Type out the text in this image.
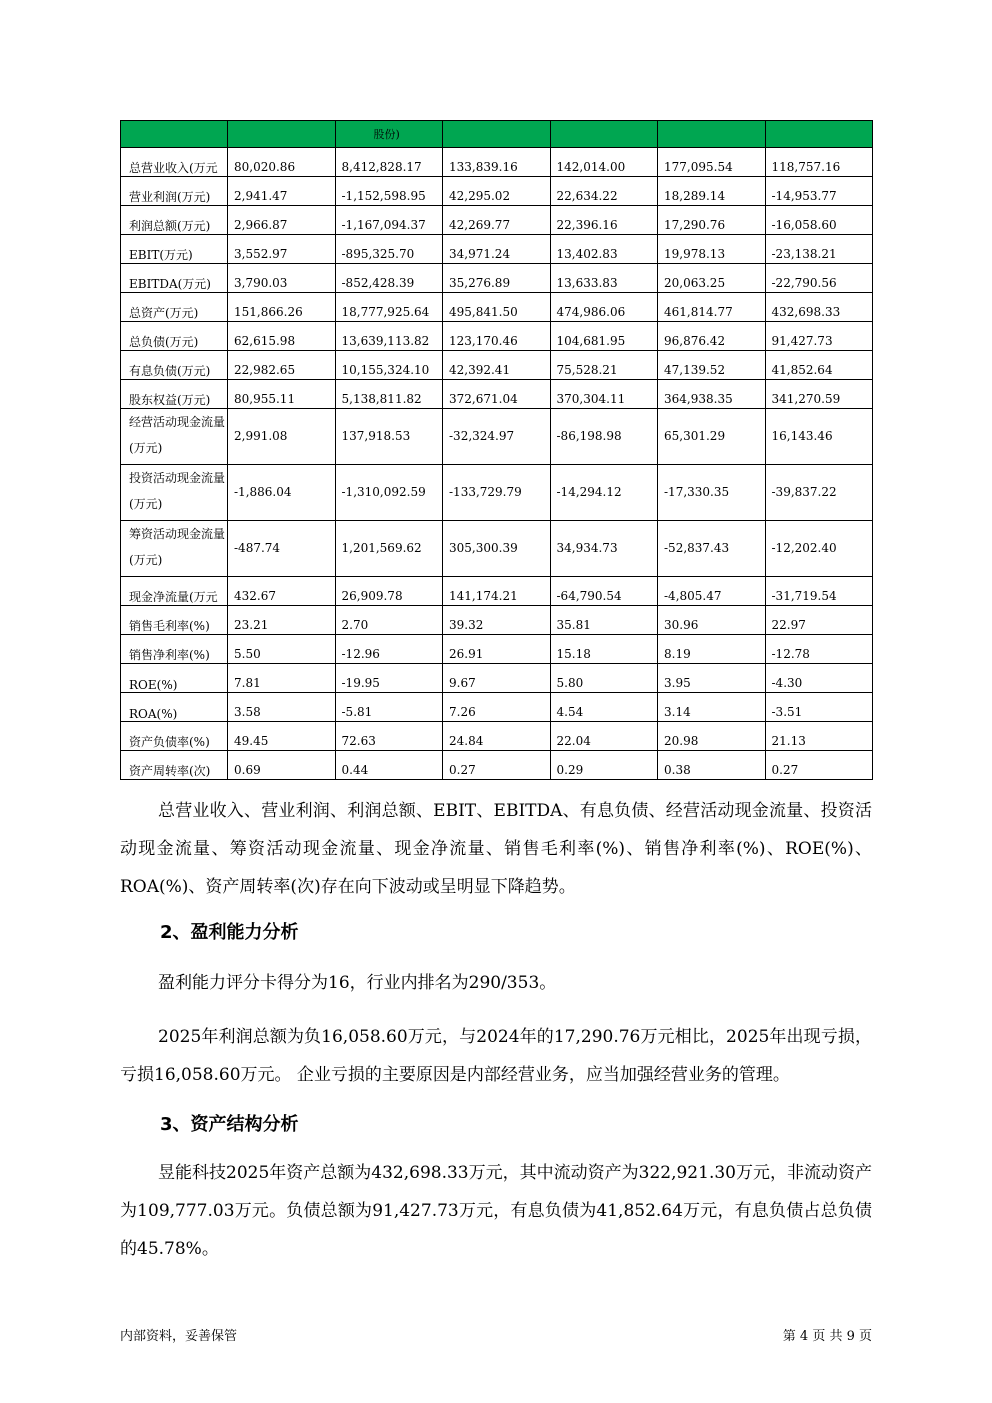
		股份)				
总营业收入(万元	80,020.86	8,412,828.17	133,839.16	142,014.00	177,095.54	118,757.16
营业利润(万元)	2,941.47	-1,152,598.95	42,295.02	22,634.22	18,289.14	-14,953.77
利润总额(万元)	2,966.87	-1,167,094.37	42,269.77	22,396.16	17,290.76	-16,058.60
EBIT(万元)	3,552.97	-895,325.70	34,971.24	13,402.83	19,978.13	-23,138.21
EBITDA(万元)	3,790.03	-852,428.39	35,276.89	13,633.83	20,063.25	-22,790.56
总资产(万元)	151,866.26	18,777,925.64	495,841.50	474,986.06	461,814.77	432,698.33
总负债(万元)	62,615.98	13,639,113.82	123,170.46	104,681.95	96,876.42	91,427.73
有息负债(万元)	22,982.65	10,155,324.10	42,392.41	75,528.21	47,139.52	41,852.64
股东权益(万元)	80,955.11	5,138,811.82	372,671.04	370,304.11	364,938.35	341,270.59
经营活动现金流量(万元)	2,991.08	137,918.53	-32,324.97	-86,198.98	65,301.29	16,143.46
投资活动现金流量(万元)	-1,886.04	-1,310,092.59	-133,729.79	-14,294.12	-17,330.35	-39,837.22
筹资活动现金流量(万元)	-487.74	1,201,569.62	305,300.39	34,934.73	-52,837.43	-12,202.40
现金净流量(万元	432.67	26,909.78	141,174.21	-64,790.54	-4,805.47	-31,719.54
销售毛利率(%)	23.21	2.70	39.32	35.81	30.96	22.97
销售净利率(%)	5.50	-12.96	26.91	15.18	8.19	-12.78
ROE(%)	7.81	-19.95	9.67	5.80	3.95	-4.30
ROA(%)	3.58	-5.81	7.26	4.54	3.14	-3.51
资产负债率(%)	49.45	72.63	24.84	22.04	20.98	21.13
资产周转率(次)	0.69	0.44	0.27	0.29	0.38	0.27

总营业收入、营业利润、利润总额、EBIT、EBITDA、有息负债、经营活动现金流量、投资活动现金流量、筹资活动现金流量、现金净流量、销售毛利率(%)、销售净利率(%)、ROE(%)、ROA(%)、资产周转率(次)存在向下波动或呈明显下降趋势。

2、盈利能力分析

盈利能力评分卡得分为16，行业内排名为290/353。

2025年利润总额为负16,058.60万元，与2024年的17,290.76万元相比，2025年出现亏损，亏损16,058.60万元。 企业亏损的主要原因是内部经营业务，应当加强经营业务的管理。

3、资产结构分析

昱能科技2025年资产总额为432,698.33万元，其中流动资产为322,921.30万元，非流动资产为109,777.03万元。负债总额为91,427.73万元，有息负债为41,852.64万元，有息负债占总负债的45.78%。

内部资料，妥善保管	第 4 页 共 9 页
